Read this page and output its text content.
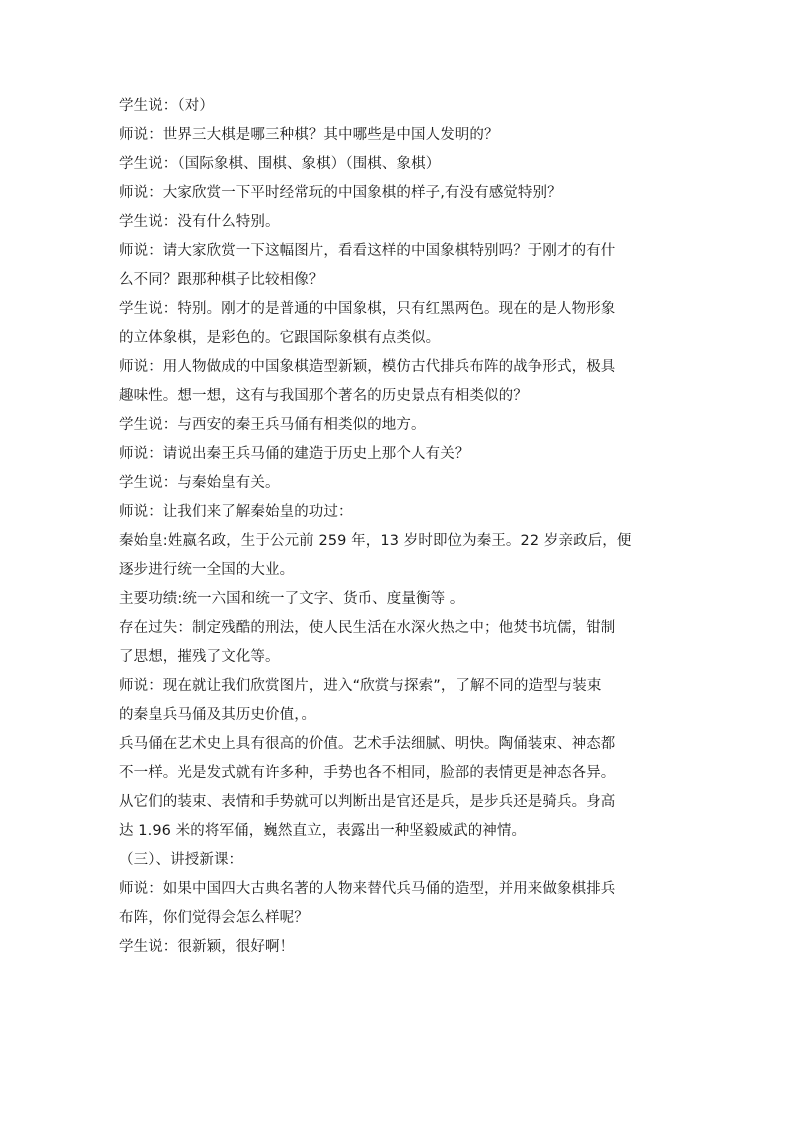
学生说：（对）
师说：世界三大棋是哪三种棋？其中哪些是中国人发明的？
学生说：（国际象棋、围棋、象棋）（围棋、象棋）
师说：大家欣赏一下平时经常玩的中国象棋的样子,有没有感觉特别？
学生说：没有什么特别。
师说：请大家欣赏一下这幅图片，看看这样的中国象棋特别吗？于刚才的有什
么不同？跟那种棋子比较相像？
学生说：特别。刚才的是普通的中国象棋，只有红黑两色。现在的是人物形象
的立体象棋，是彩色的。它跟国际象棋有点类似。
师说：用人物做成的中国象棋造型新颖，模仿古代排兵布阵的战争形式，极具
趣味性。想一想，这有与我国那个著名的历史景点有相类似的？
学生说：与西安的秦王兵马俑有相类似的地方。
师说：请说出秦王兵马俑的建造于历史上那个人有关？
学生说：与秦始皇有关。
师说：让我们来了解秦始皇的功过：
秦始皇:姓嬴名政，生于公元前 259 年，13 岁时即位为秦王。22 岁亲政后，便
逐步进行统一全国的大业。
主要功绩:统一六国和统一了文字、货币、度量衡等 。
存在过失：制定残酷的刑法，使人民生活在水深火热之中；他焚书坑儒，钳制
了思想，摧残了文化等。
师说：现在就让我们欣赏图片，进入“欣赏与探索”，了解不同的造型与装束
的秦皇兵马俑及其历史价值，。
兵马俑在艺术史上具有很高的价值。艺术手法细腻、明快。陶俑装束、神态都
不一样。光是发式就有许多种，手势也各不相同，脸部的表情更是神态各异。
从它们的装束、表情和手势就可以判断出是官还是兵，是步兵还是骑兵。身高
达 1.96 米的将军俑，巍然直立，表露出一种坚毅威武的神情。
（三）、讲授新课：
师说：如果中国四大古典名著的人物来替代兵马俑的造型，并用来做象棋排兵
布阵，你们觉得会怎么样呢？
学生说：很新颖，很好啊！
